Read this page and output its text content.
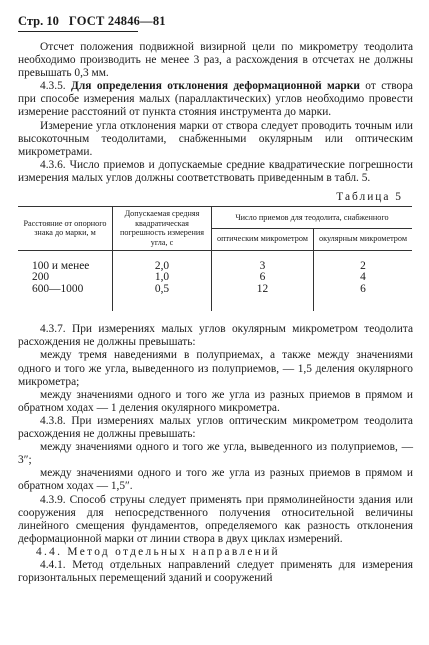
Стр. 10 ГОСТ 24846—81

Отсчет положения подвижной визирной цели по микрометру теодолита необходимо производить не менее 3 раз, а расхождения в отсчетах не должны превышать 0,3 мм.

4.3.5. Для определения отклонения деформационной марки от створа при способе измерения малых (параллактических) углов необходимо провести измерение расстояний от пункта стояния инструмента до марки.

Измерение угла отклонения марки от створа следует проводить точным или высокоточным теодолитами, снабженными окулярным или оптическим микрометрами.

4.3.6. Число приемов и допускаемые средние квадратические погрешности измерения малых углов должны соответствовать приведенным в табл. 5.

Таблица 5
Расстояние от опорного знака до марки, м	Допускаемая средняя квадратическая погрешность измерения угла, с	Число приемов для теодолита, снабженного	
		оптическим микрометром	окулярным микрометром
100 и менее	2,0	3	2
200	1,0	6	4
600—1000	0,5	12	6

4.3.7. При измерениях малых углов окулярным микрометром теодолита расхождения не должны превышать:

между тремя наведениями в полуприемах, а также между значениями одного и того же угла, выведенного из полуприемов, — 1,5 деления окулярного микрометра;

между значениями одного и того же угла из разных приемов в прямом и обратном ходах — 1 деления окулярного микрометра.

4.3.8. При измерениях малых углов оптическим микрометром теодолита расхождения не должны превышать:

между значениями одного и того же угла, выведенного из полуприемов, — 3″;

между значениями одного и того же угла из разных приемов в прямом и обратном ходах — 1,5″.

4.3.9. Способ струны следует применять при прямолинейности здания или сооружения для непосредственного получения относительной величины линейного смещения фундаментов, определяемого как разность отклонения деформационной марки от линии створа в двух циклах измерений.

4.4. Метод отдельных направлений

4.4.1. Метод отдельных направлений следует применять для измерения горизонтальных перемещений зданий и сооружений
